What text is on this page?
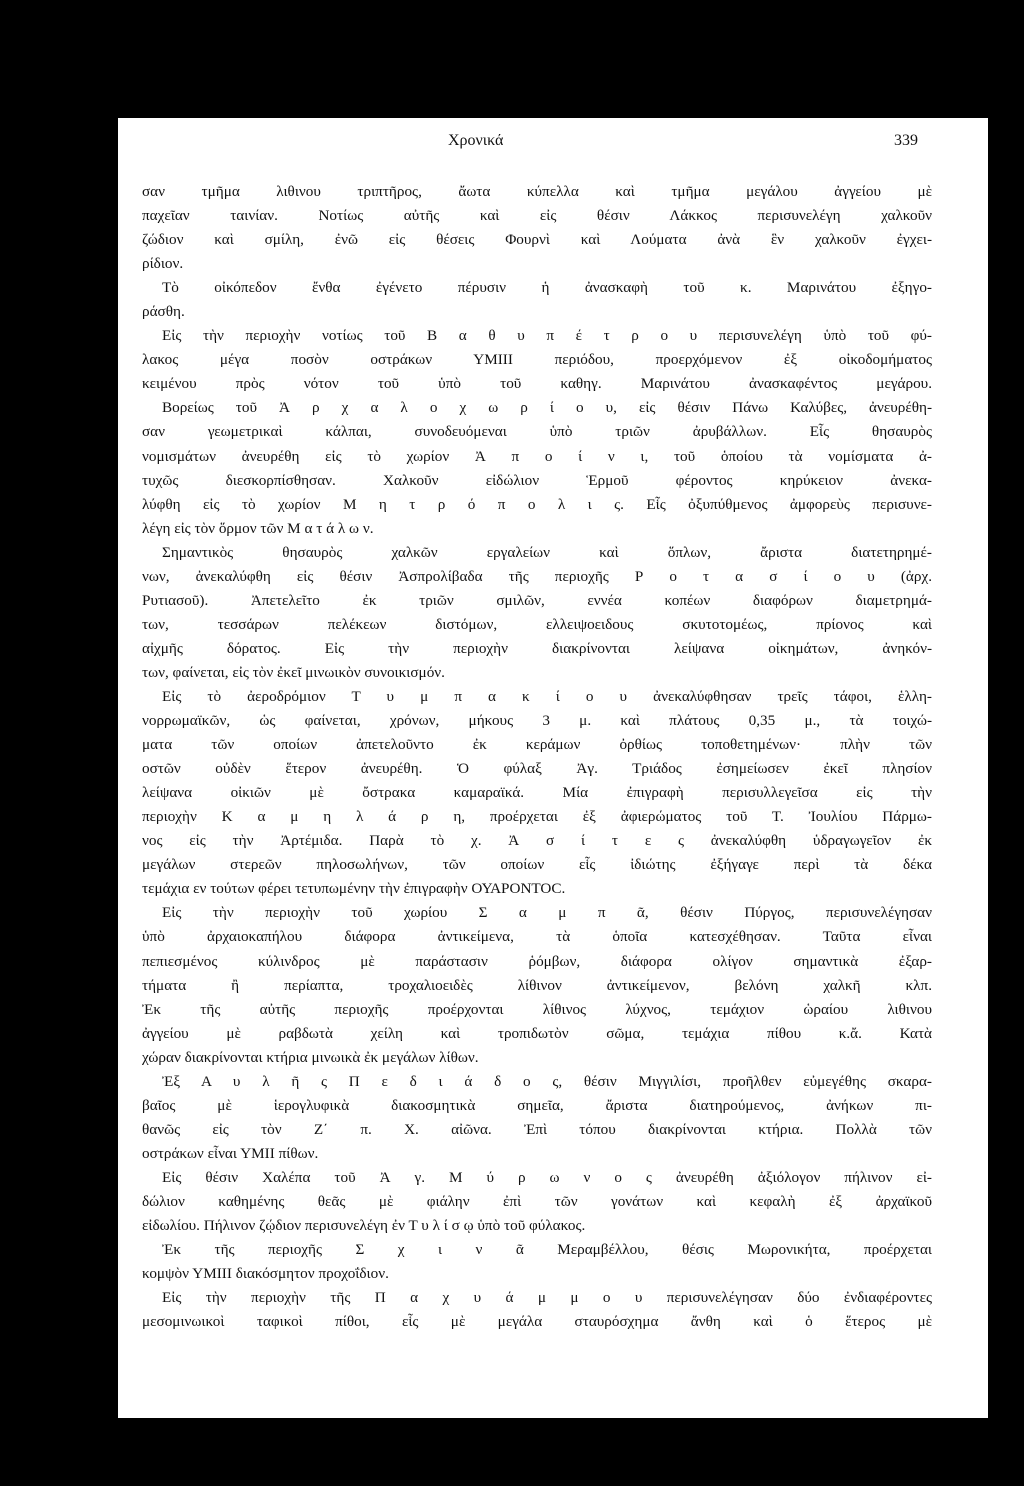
Χρονικά	339
σαν τμῆμα λιθινου τριπτῆρος, ἄωτα κύπελλα καὶ τμῆμα μεγάλου ἀγγείου μὲ
παχεῖαν ταινίαν. Νοτίως αὐτῆς καὶ εἰς θέσιν Λάκκος περισυνελέγη χαλκοῦν
ζώδιον καὶ σμίλη, ἐνῶ εἰς θέσεις Φουρνὶ καὶ Λούματα ἀνὰ ἓν χαλκοῦν ἐγχει-
ρίδιον.
Τὸ οἰκόπεδον ἔνθα ἐγένετο πέρυσιν ἡ ἀνασκαφὴ τοῦ κ. Μαρινάτου ἐξηγο-
ράσθη.
Εἰς τὴν περιοχὴν νοτίως τοῦ Β α θ υ π έ τ ρ ο υ περισυνελέγη ὑπὸ τοῦ φύ-
λακος μέγα ποσὸν οστράκων ΥΜΙΙΙ περιόδου, προερχόμενον ἐξ οἰκοδομήματος
κειμένου πρὸς νότον τοῦ ὑπὸ τοῦ καθηγ. Μαρινάτου ἀνασκαφέντος μεγάρου.
Βορείως τοῦ Ἀ ρ χ α λ ο χ ω ρ ί ο υ, εἰς θέσιν Πάνω Καλύβες, ἀνευρέθη-
σαν γεωμετρικαὶ κάλπαι, συνοδευόμεναι ὑπὸ τριῶν ἀρυβάλλων. Εἷς θησαυρὸς
νομισμάτων ἀνευρέθη εἰς τὸ χωρίον Ἀ π ο ί ν ι, τοῦ ὁποίου τὰ νομίσματα ἀ-
τυχῶς διεσκορπίσθησαν. Χαλκοῦν εἰδώλιον Ἑρμοῦ φέροντος κηρύκειον ἀνεκα-
λύφθη εἰς τὸ χωρίον Μ η τ ρ ό π ο λ ι ς. Εἷς ὀξυπύθμενος ἀμφορεὺς περισυνε-
λέγη εἰς τὸν ὅρμον τῶν Μ α τ ά λ ω ν.
Σημαντικὸς θησαυρὸς χαλκῶν εργαλείων καὶ ὅπλων, ἄριστα διατετηρημέ-
νων, ἀνεκαλύφθη εἰς θέσιν Ἀσπρολίβαδα τῆς περιοχῆς Ρ ο τ α σ ί ο υ (ἀρχ.
Ρυτιασοῦ). Ἀπετελεῖτο ἐκ τριῶν σμιλῶν, εννέα κοπέων διαφόρων διαμετρημά-
των, τεσσάρων πελέκεων διστόμων, ελλειψοειδους σκυτοτομέως, πρίονος καὶ
αἰχμῆς δόρατος. Εἰς τὴν περιοχὴν διακρίνονται λείψανα οἰκημάτων, ἀνηκόν-
των, φαίνεται, εἰς τὸν ἐκεῖ μινωικὸν συνοικισμόν.
Εἰς τὸ ἀεροδρόμιον Τ υ μ π α κ ί ο υ ἀνεκαλύφθησαν τρεῖς τάφοι, ἑλλη-
νορρωμαϊκῶν, ὡς φαίνεται, χρόνων, μήκους 3 μ. καὶ πλάτους 0,35 μ., τὰ τοιχώ-
ματα τῶν οποίων ἀπετελοῦντο ἐκ κεράμων ὀρθίως τοποθετημένων· πλὴν τῶν
οστῶν οὐδὲν ἕτερον ἀνευρέθη. Ὁ φύλαξ Ἀγ. Τριάδος ἐσημείωσεν ἐκεῖ πλησίον
λείψανα οἰκιῶν μὲ ὄστρακα καμαραϊκά. Μία ἐπιγραφὴ περισυλλεγεῖσα εἰς τὴν
περιοχὴν Κ α μ η λ ά ρ η, προέρχεται ἐξ ἀφιερώματος τοῦ Τ. Ἰουλίου Πάρμω-
νος εἰς τὴν Ἀρτέμιδα. Παρὰ τὸ χ. Ἀ σ ί τ ε ς ἀνεκαλύφθη ὑδραγωγεῖον ἐκ
μεγάλων στερεῶν πηλοσωλήνων, τῶν οποίων εἷς ἰδιώτης ἐξήγαγε περὶ τὰ δέκα
τεμάχια εν τούτων φέρει τετυπωμένην τὴν ἐπιγραφὴν ΟΥΑΡΟΝΤΟC.
Εἰς τὴν περιοχὴν τοῦ χωρίου Σ α μ π ᾶ, θέσιν Πύργος, περισυνελέγησαν
ὑπὸ ἀρχαιοκαπήλου διάφορα ἀντικείμενα, τὰ ὁποῖα κατεσχέθησαν. Ταῦτα εἶναι
πεπιεσμένος κύλινδρος μὲ παράστασιν ῥόμβων, διάφορα ολίγον σημαντικὰ ἐξαρ-
τήματα ἢ περίαπτα, τροχαλιοειδὲς λίθινον ἀντικείμενον, βελόνη χαλκῆ κλπ.
Ἐκ τῆς αὐτῆς περιοχῆς προέρχονται λίθινος λύχνος, τεμάχιον ὡραίου λιθινου
ἀγγείου μὲ ραβδωτὰ χείλη καὶ τροπιδωτὸν σῶμα, τεμάχια πίθου κ.ἄ. Κατὰ
χώραν διακρίνονται κτήρια μινωικὰ ἐκ μεγάλων λίθων.
Ἐξ Α υ λ ῆ ς Π ε δ ι ά δ ο ς, θέσιν Μιγγιλίσι, προῆλθεν εὐμεγέθης σκαρα-
βαῖος μὲ ἱερογλυφικὰ διακοσμητικὰ σημεῖα, ἄριστα διατηρούμενος, ἀνήκων πι-
θανῶς εἰς τὸν Ζ΄ π. Χ. αἰῶνα. Ἐπὶ τόπου διακρίνονται κτήρια. Πολλὰ τῶν
οστράκων εἶναι ΥΜΙΙ πίθων.
Εἰς θέσιν Χαλέπα τοῦ Ἀ γ. Μ ύ ρ ω ν ο ς ἀνευρέθη ἀξιόλογον πήλινον εἰ-
δώλιον καθημένης θεᾶς μὲ φιάλην ἐπὶ τῶν γονάτων καὶ κεφαλὴ ἐξ ἀρχαϊκοῦ
εἰδωλίου. Πήλινον ζῴδιον περισυνελέγη ἐν Τ υ λ ί σ ῳ ὑπὸ τοῦ φύλακος.
Ἐκ τῆς περιοχῆς Σ χ ι ν ᾶ Μεραμβέλλου, θέσις Μωρονικήτα, προέρχεται
κομψὸν ΥΜΙΙΙ διακόσμητον προχοΐδιον.
Εἰς τὴν περιοχὴν τῆς Π α χ υ ά μ μ ο υ περισυνελέγησαν δύο ἐνδιαφέροντες
μεσομινωικοὶ ταφικοὶ πίθοι, εἷς μὲ μεγάλα σταυρόσχημα ἄνθη καὶ ὁ ἕτερος μὲ
